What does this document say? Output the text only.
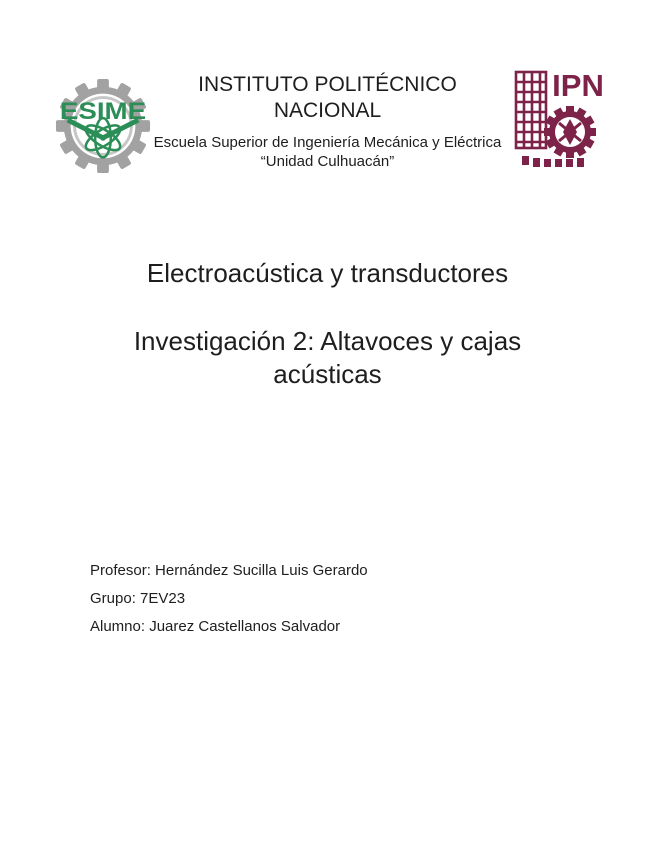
ESIME
IPN
INSTITUTO POLITÉCNICO
NACIONAL
Escuela Superior de Ingeniería Mecánica y Eléctrica
“Unidad Culhuacán”
Electroacústica y transductores
Investigación 2: Altavoces y cajas acústicas
Profesor: Hernández Sucilla Luis Gerardo
Grupo: 7EV23
Alumno: Juarez Castellanos Salvador
